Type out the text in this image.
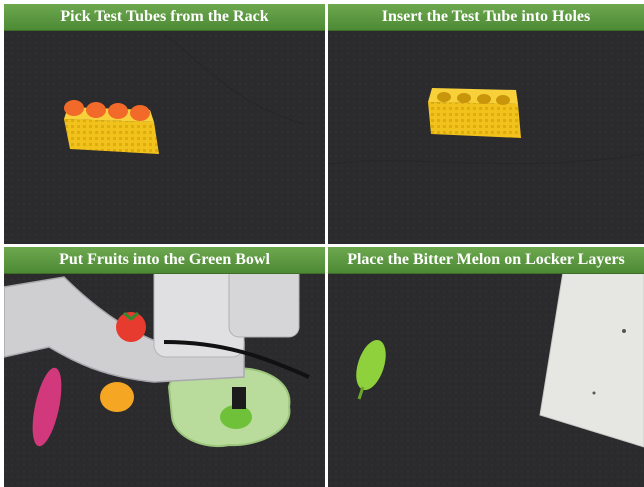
Pick Test Tubes from the Rack	Insert the Test Tube into Holes
Put Fruits into the Green Bowl	Place the Bitter Melon on Locker Layers
